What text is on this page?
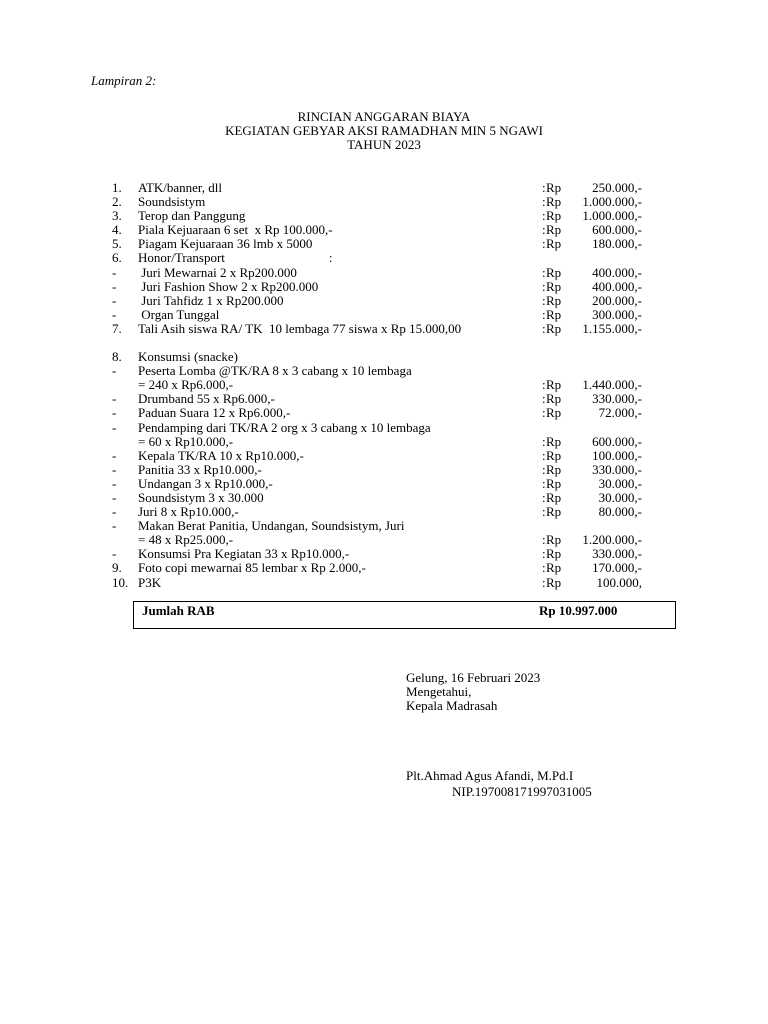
Lampiran 2:
RINCIAN ANGGARAN BIAYA
KEGIATAN GEBYAR AKSI RAMADHAN MIN 5 NGAWI
TAHUN 2023
1. ATK/banner, dll	: Rp	250.000,-
2. Soundsistym	: Rp	1.000.000,-
3. Terop dan Panggung	: Rp	1.000.000,-
4. Piala Kejuaraan 6 set  x Rp 100.000,-	: Rp	600.000,-
5. Piagam Kejuaraan 36 lmb x 5000	: Rp	180.000,-
6. Honor/Transport                                :
- Juri Mewarnai 2 x Rp200.000	: Rp	400.000,-
- Juri Fashion Show 2 x Rp200.000	: Rp	400.000,-
- Juri Tahfidz 1 x Rp200.000	: Rp	200.000,-
- Organ Tunggal	: Rp	300.000,-
7. Tali Asih siswa RA/ TK  10 lembaga 77 siswa x Rp 15.000,00	: Rp	1.155.000,-
8. Konsumsi (snacke)
- Peserta Lomba @TK/RA 8 x 3 cabang x 10 lembaga
= 240 x Rp6.000,-	: Rp	1.440.000,-
- Drumband 55 x Rp6.000,-	: Rp	330.000,-
- Paduan Suara 12 x Rp6.000,-	: Rp	72.000,-
- Pendamping dari TK/RA 2 org x 3 cabang x 10 lembaga
= 60 x Rp10.000,-	: Rp	600.000,-
- Kepala TK/RA 10 x Rp10.000,-	: Rp	100.000,-
- Panitia 33 x Rp10.000,-	: Rp	330.000,-
- Undangan 3 x Rp10.000,-	: Rp	30.000,-
- Soundsistym 3 x 30.000	: Rp	30.000,-
- Juri 8 x Rp10.000,-	: Rp	80.000,-
- Makan Berat Panitia, Undangan, Soundsistym, Juri
= 48 x Rp25.000,-	: Rp	1.200.000,-
- Konsumsi Pra Kegiatan 33 x Rp10.000,-	: Rp	330.000,-
9. Foto copi mewarnai 85 lembar x Rp 2.000,-	: Rp	170.000,-
10. P3K	: Rp	100.000,
Jumlah RAB	Rp 10.997.000
Gelung, 16 Februari 2023
Mengetahui,
Kepala Madrasah
Plt.Ahmad Agus Afandi, M.Pd.I
NIP.197008171997031005
